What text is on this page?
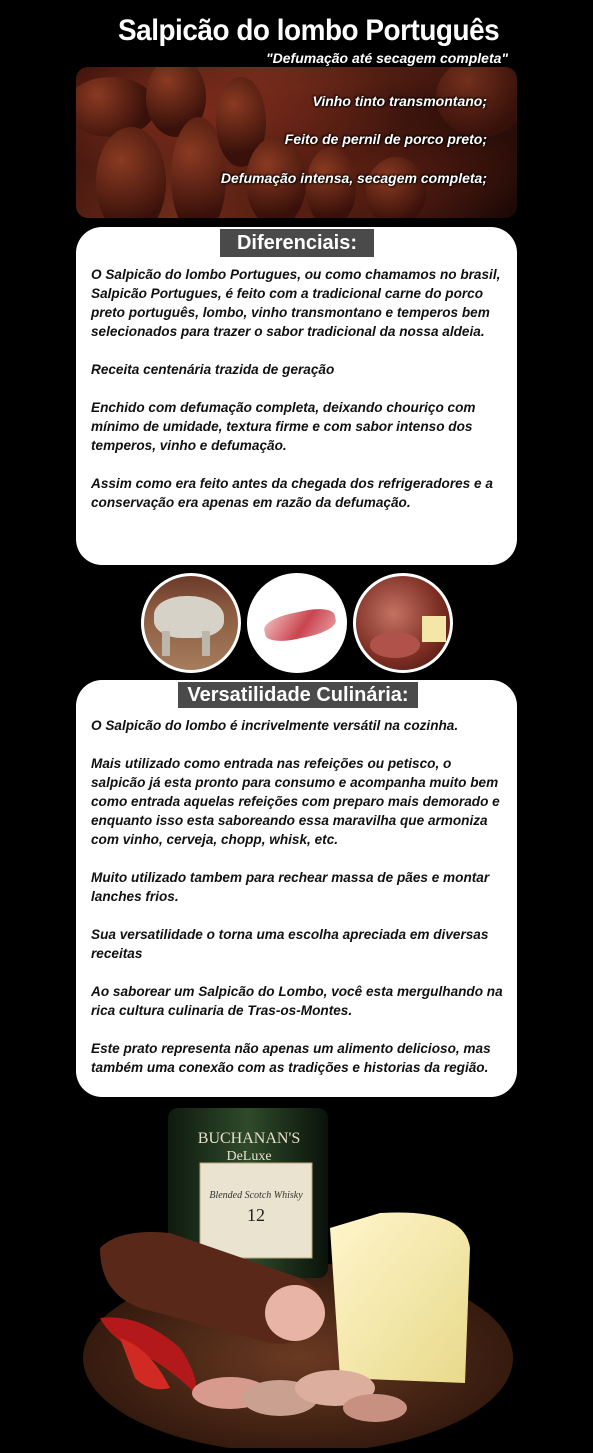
Salpicão do lombo Português
"Defumação até secagem completa"
Vinho tinto transmontano;
Feito de pernil de porco preto;
Defumação intensa, secagem completa;
Diferenciais:

O Salpicão do lombo Portugues, ou como chamamos no brasil, Salpicão Portugues, é feito com a tradicional carne do porco preto português, lombo, vinho transmontano e temperos bem selecionados para trazer o sabor tradicional da nossa aldeia.

Receita centenária trazida de geração

Enchido com defumação completa, deixando chouriço com mínimo de umidade, textura firme e com sabor intenso dos temperos, vinho e defumação.

Assim como era feito antes da chegada dos refrigeradores e a conservação era apenas em razão da defumação.

Versatilidade Culinária:

O Salpicão do lombo é incrivelmente versátil na cozinha.

Mais utilizado como entrada nas refeições ou petisco, o salpicão já esta pronto para consumo e acompanha muito bem como entrada aquelas refeições com preparo mais demorado e enquanto isso esta saboreando essa maravilha que armoniza com vinho, cerveja, chopp, whisk, etc.

Muito utilizado tambem para rechear massa de pães e montar lanches frios.

Sua versatilidade o torna uma escolha apreciada em diversas receitas

Ao saborear um Salpicão do Lombo, você esta mergulhando na rica cultura culinaria de Tras-os-Montes.

Este prato representa não apenas um alimento delicioso, mas também uma conexão com as tradições e historias da região.

BUCHANAN'S
DeLuxe
Blended Scotch Whisky
12
